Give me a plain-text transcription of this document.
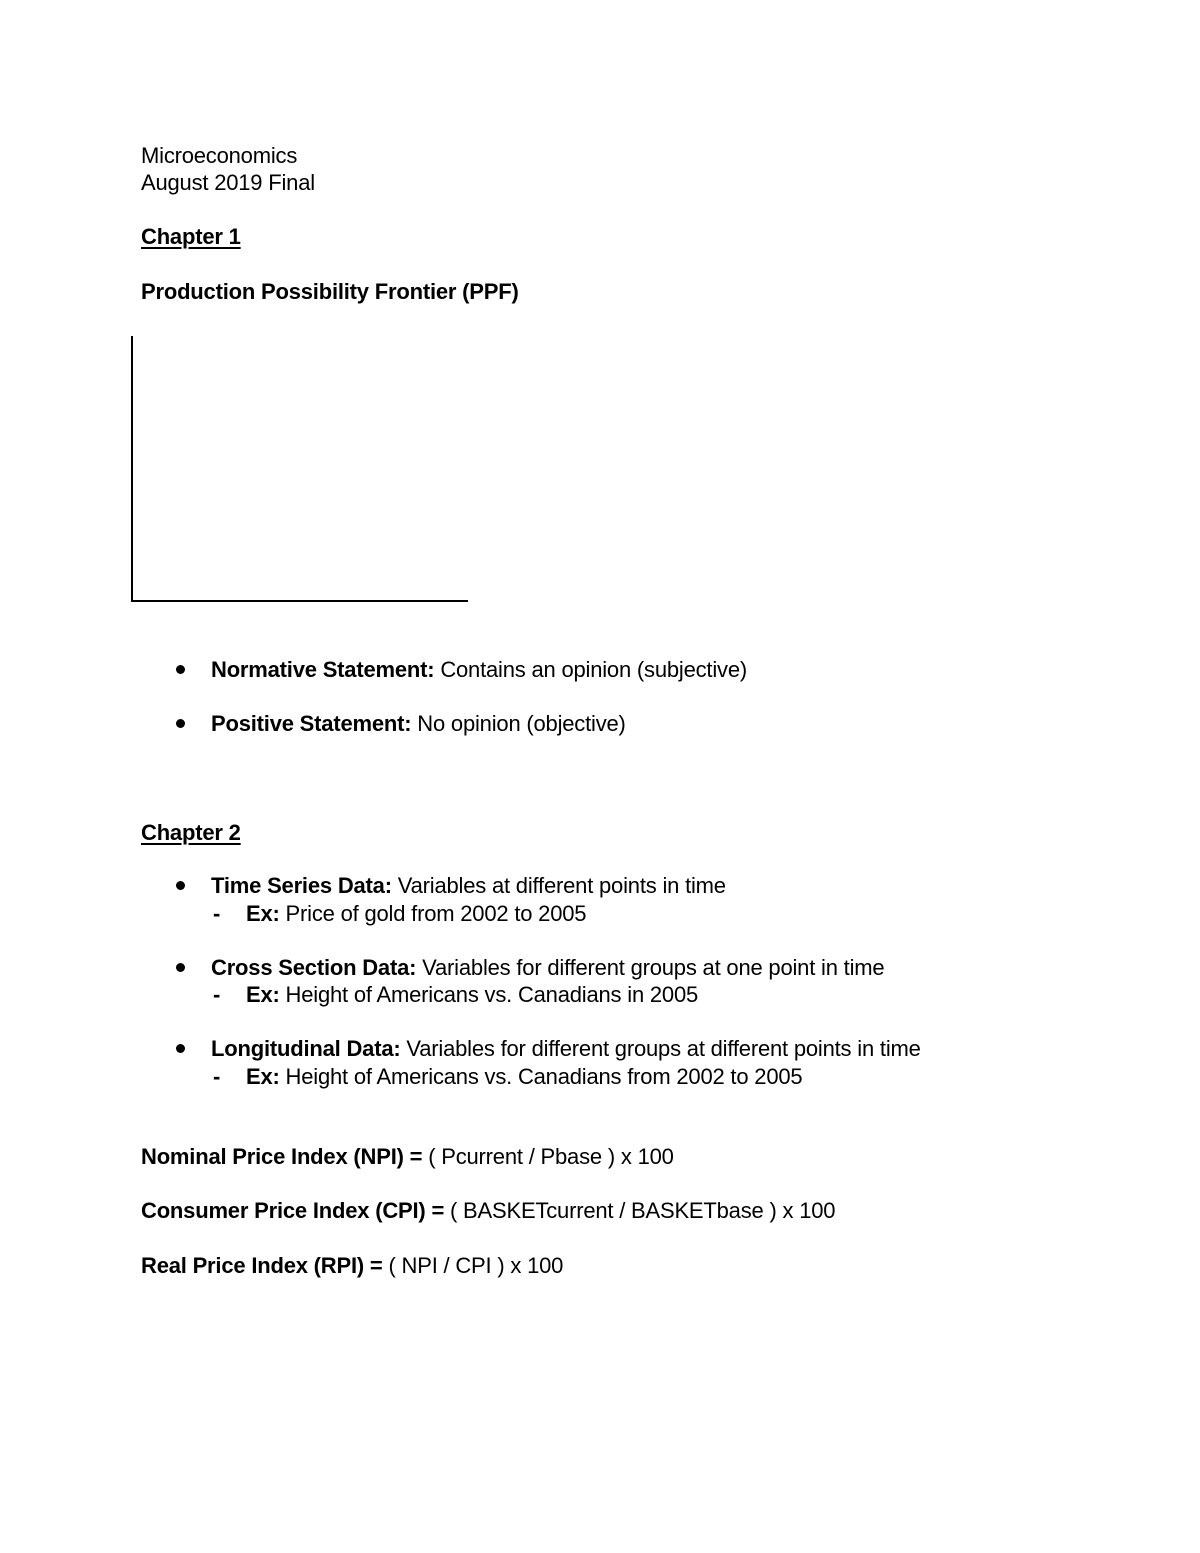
Microeconomics
August 2019 Final
Chapter 1
Production Possibility Frontier (PPF)
Normative Statement: Contains an opinion (subjective)
Positive Statement: No opinion (objective)
Chapter 2
Time Series Data: Variables at different points in time
- Ex: Price of gold from 2002 to 2005
Cross Section Data: Variables for different groups at one point in time
- Ex: Height of Americans vs. Canadians in 2005
Longitudinal Data: Variables for different groups at different points in time
- Ex: Height of Americans vs. Canadians from 2002 to 2005
Nominal Price Index (NPI) = ( Pcurrent / Pbase ) x 100
Consumer Price Index (CPI) = ( BASKETcurrent / BASKETbase ) x 100
Real Price Index (RPI) = ( NPI / CPI ) x 100
